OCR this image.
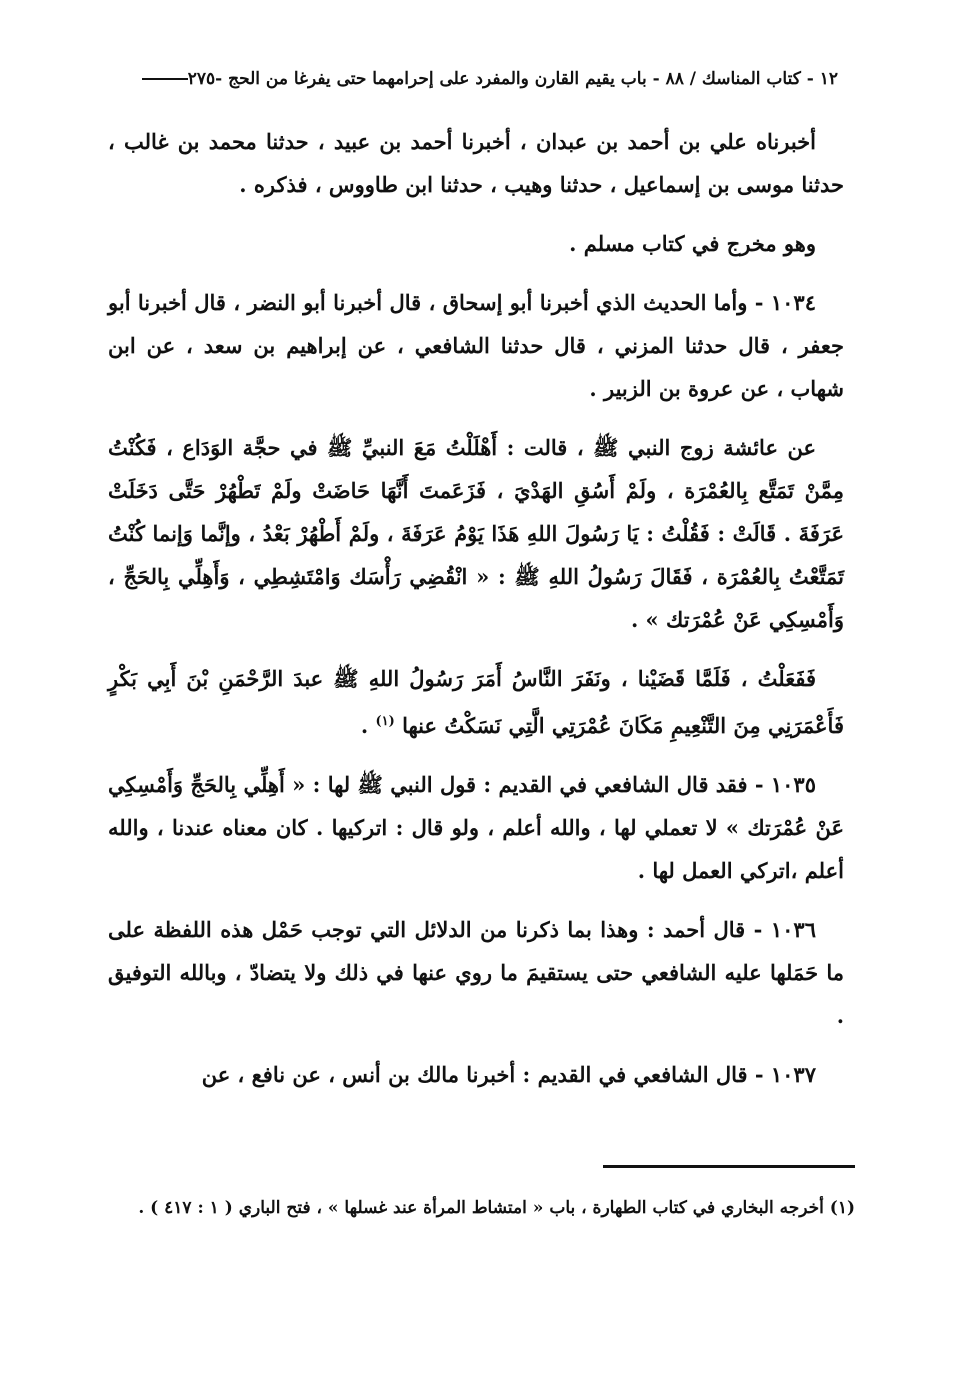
١٢ - كتاب المناسك / ٨٨ - باب يقيم القارن والمفرد على إحرامهما حتى يفرغا من الحج -٢٧٥

أخبرناه علي بن أحمد بن عبدان ، أخبرنا أحمد بن عبيد ، حدثنا محمد بن غالب ، حدثنا موسى بن إسماعيل ، حدثنا وهيب ، حدثنا ابن طاووس ، فذكره .

وهو مخرج في كتاب مسلم .

١٠٣٤ - وأما الحديث الذي أخبرنا أبو إسحاق ، قال أخبرنا أبو النضر ، قال أخبرنا أبو جعفر ، قال حدثنا المزني ، قال حدثنا الشافعي ، عن إبراهيم بن سعد ، عن ابن شهاب ، عن عروة بن الزبير .

عن عائشة زوج النبي ﷺ ، قالت : أَهْلَلْتُ مَعَ النبيِّ ﷺ في حجَّة الوَدَاع ، فَكُنْتُ مِمَّنْ تَمَتَّع بِالعُمْرَة ، ولَمْ أَسُقِ الهَدْيَ ، فَزَعَمتَ أَنَّهَا حَاضَتْ ولَمْ تَطْهُرْ حَتَّى دَخَلَتْ عَرَفَةَ . قَالَتْ : فَقُلْتُ : يَا رَسُولَ اللهِ هَذَا يَوْمُ عَرَفَةَ ، ولَمْ أَطْهُرْ بَعْدُ ، وإنَّما وَإنما كُنْتُ تَمَتَّعْتُ بِالعُمْرَة ، فَقَالَ رَسُولُ اللهِ ﷺ : « انْقُضِي رَأْسَك وَامْتَشِطِي ، وَأَهِلِّي بِالحَجِّ ، وَأَمْسِكِي عَنْ عُمْرَتك » .

فَفَعَلْتُ ، فَلَمَّا قَضَيْنا ، ونَفَرَ النَّاسُ أَمَرَ رَسُولُ اللهِ ﷺ عبدَ الرَّحْمَنِ بْنَ أَبِي بَكْرٍ فَأَعْمَرَنِي مِنَ التَّنْعِيمِ مَكَانَ عُمْرَتِي الَّتِي نَسَكْتُ عنها $^{(١)}$ .

١٠٣٥ - فقد قال الشافعي في القديم : قول النبي ﷺ لها : « أَهِلِّي بِالحَجِّ وَأَمْسِكِي عَنْ عُمْرَتك » لا تعملي لها ، والله أعلم ، ولو قال : اتركيها . كان معناه عندنا ، والله أعلم ،اتركي العمل لها .

١٠٣٦ - قال أحمد : وهذا بما ذكرنا من الدلائل التي توجب حَمْل هذه اللفظة على ما حَمَلها عليه الشافعي حتى يستقيمَ ما روي عنها في ذلك ولا يتضادّ ، وبالله التوفيق .

١٠٣٧ - قال الشافعي في القديم : أخبرنا مالك بن أنس ، عن نافع ، عن

(١) أخرجه البخاري في كتاب الطهارة ، باب « امتشاط المرأة عند غسلها » ، فتح الباري ( ١ : ٤١٧ ) .
